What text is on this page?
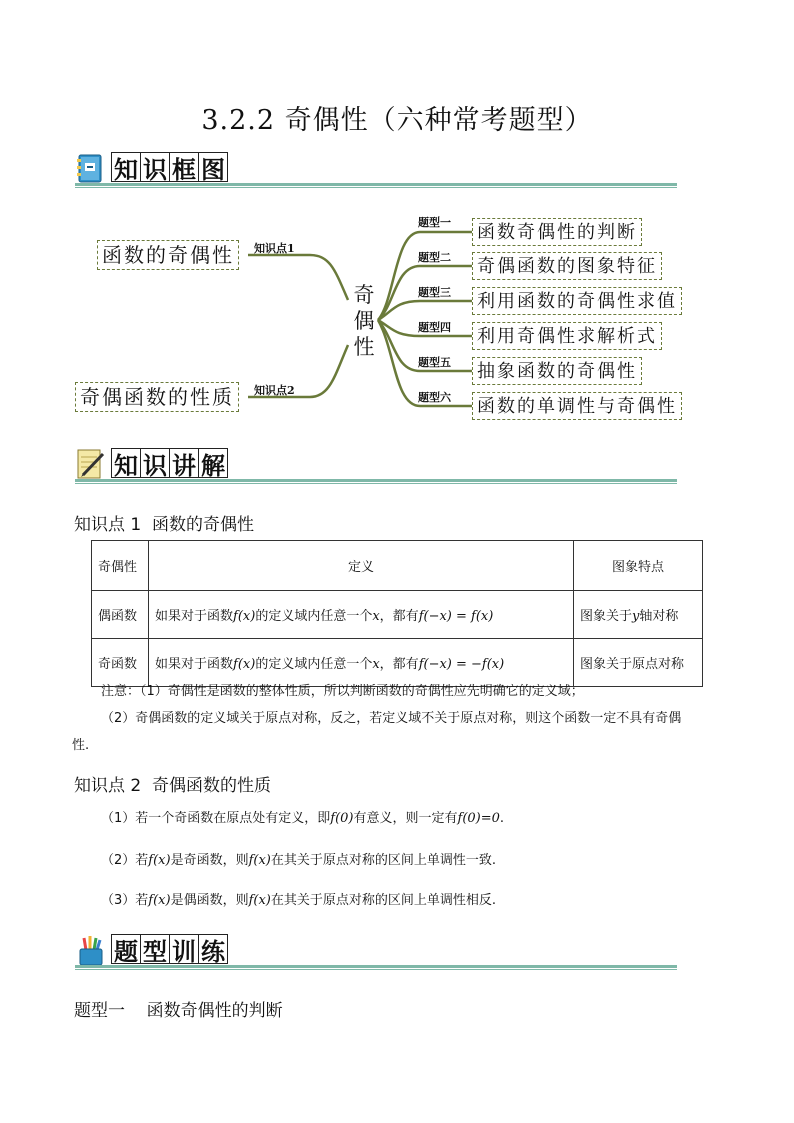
3.2.2 奇偶性（六种常考题型）
知 识 框 图
奇
偶
性
知识点1
函数的奇偶性
知识点2
奇偶函数的性质
题型一 函数奇偶性的判断
题型二 奇偶函数的图象特征
题型三 利用函数的奇偶性求值
题型四 利用奇偶性求解析式
题型五 抽象函数的奇偶性
题型六 函数的单调性与奇偶性
知 识 讲 解
知识点 1 函数的奇偶性
奇偶性	定义	图象特点
偶函数	如果对于函数f(x)的定义域内任意一个x，都有f(−x) = f(x)	图象关于y轴对称
奇函数	如果对于函数f(x)的定义域内任意一个x，都有f(−x) = −f(x)	图象关于原点对称
注意：（1）奇偶性是函数的整体性质，所以判断函数的奇偶性应先明确它的定义域；
（2）奇偶函数的定义域关于原点对称，反之，若定义域不关于原点对称，则这个函数一定不具有奇偶
性.
知识点 2 奇偶函数的性质
（1）若一个奇函数在原点处有定义，即f(0)有意义，则一定有f(0)=0.
（2）若f(x)是奇函数，则f(x)在其关于原点对称的区间上单调性一致.
（3）若f(x)是偶函数，则f(x)在其关于原点对称的区间上单调性相反.
题 型 训 练
题型一 函数奇偶性的判断
